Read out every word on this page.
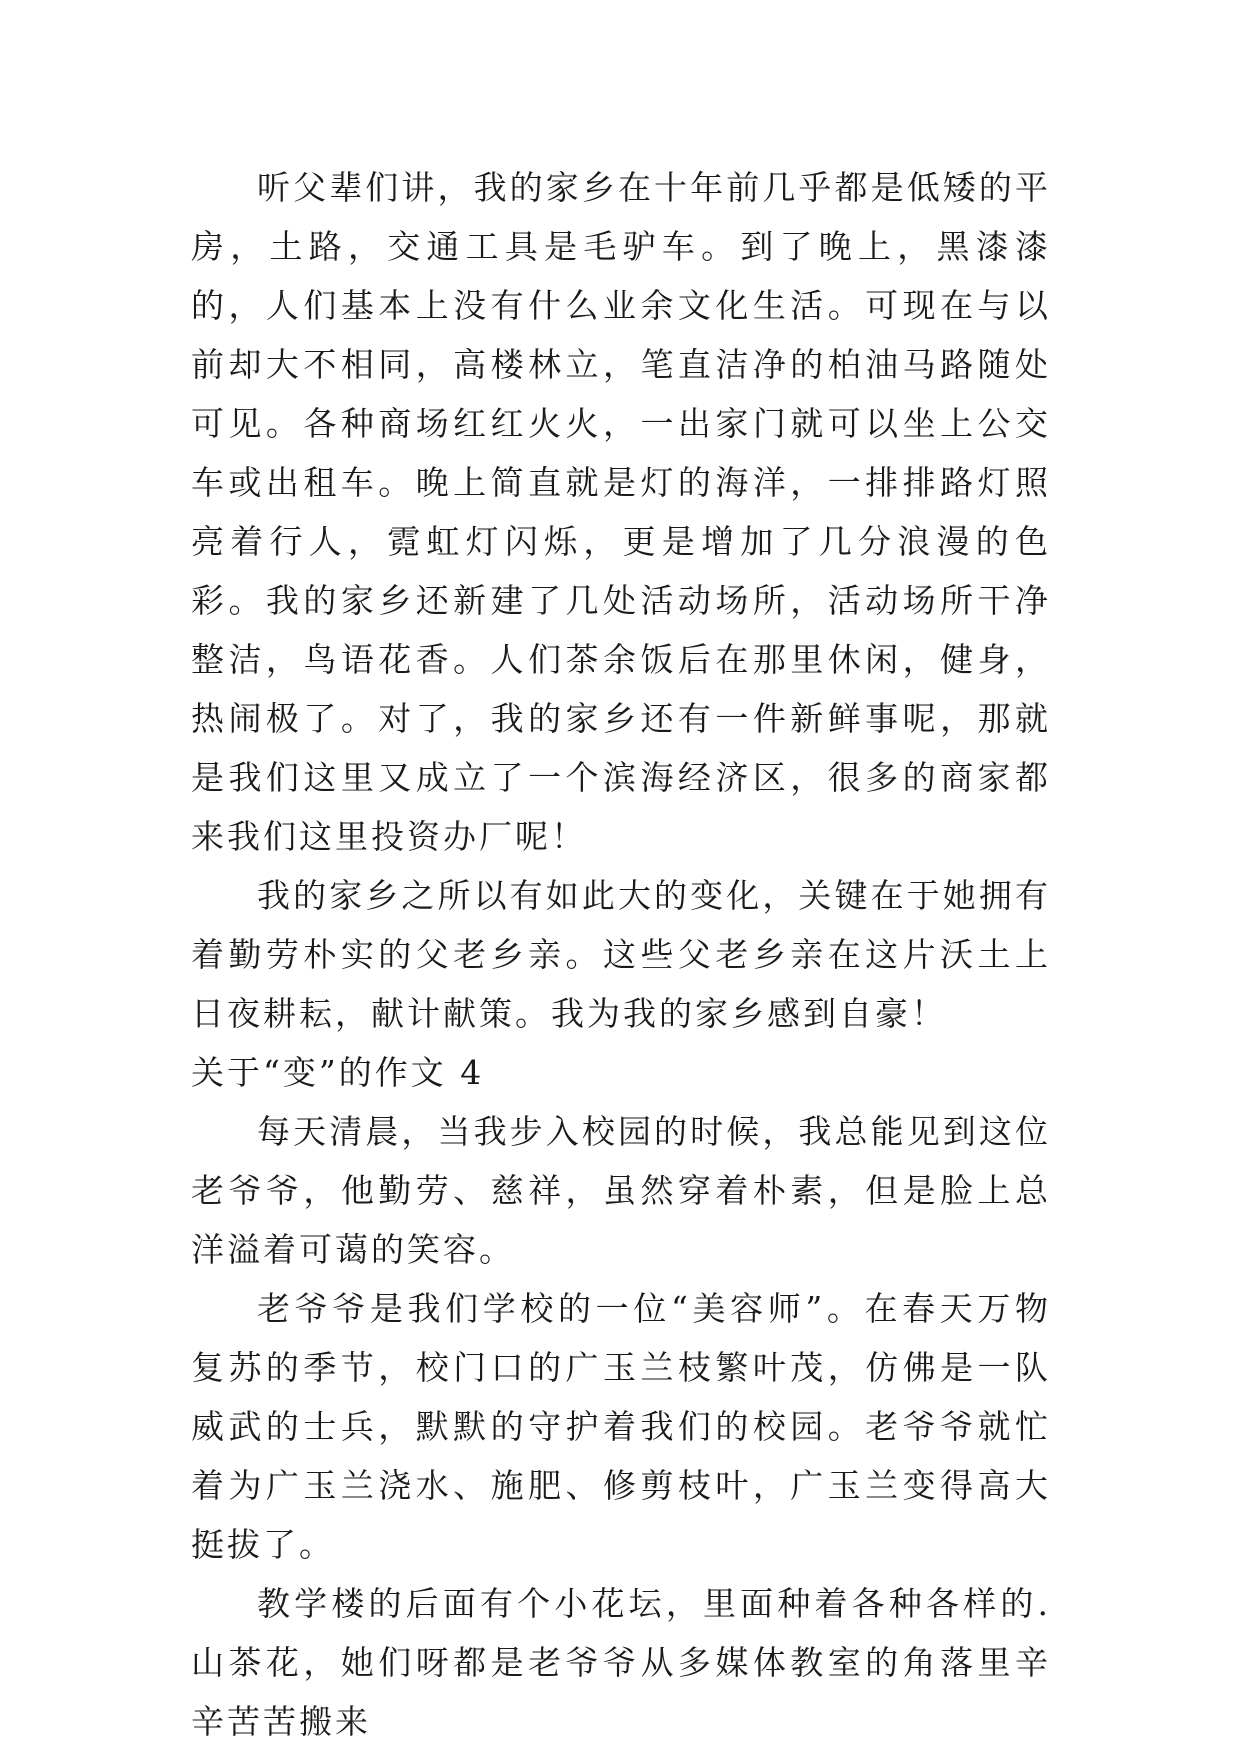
听父辈们讲，我的家乡在十年前几乎都是低矮的平房，土路，交通工具是毛驴车。到了晚上，黑漆漆的，人们基本上没有什么业余文化生活。可现在与以前却大不相同，高楼林立，笔直洁净的柏油马路随处可见。各种商场红红火火，一出家门就可以坐上公交车或出租车。晚上简直就是灯的海洋，一排排路灯照亮着行人，霓虹灯闪烁，更是增加了几分浪漫的色彩。我的家乡还新建了几处活动场所，活动场所干净整洁，鸟语花香。人们茶余饭后在那里休闲，健身，热闹极了。对了，我的家乡还有一件新鲜事呢，那就是我们这里又成立了一个滨海经济区，很多的商家都来我们这里投资办厂呢！

我的家乡之所以有如此大的变化，关键在于她拥有着勤劳朴实的父老乡亲。这些父老乡亲在这片沃土上日夜耕耘，献计献策。我为我的家乡感到自豪！

关于“变”的作文 4

每天清晨，当我步入校园的时候，我总能见到这位老爷爷，他勤劳、慈祥，虽然穿着朴素，但是脸上总洋溢着可蔼的笑容。

老爷爷是我们学校的一位“美容师”。在春天万物复苏的季节，校门口的广玉兰枝繁叶茂，仿佛是一队威武的士兵，默默的守护着我们的校园。老爷爷就忙着为广玉兰浇水、施肥、修剪枝叶，广玉兰变得高大挺拔了。

教学楼的后面有个小花坛，里面种着各种各样的.山茶花，她们呀都是老爷爷从多媒体教室的角落里辛辛苦苦搬来
